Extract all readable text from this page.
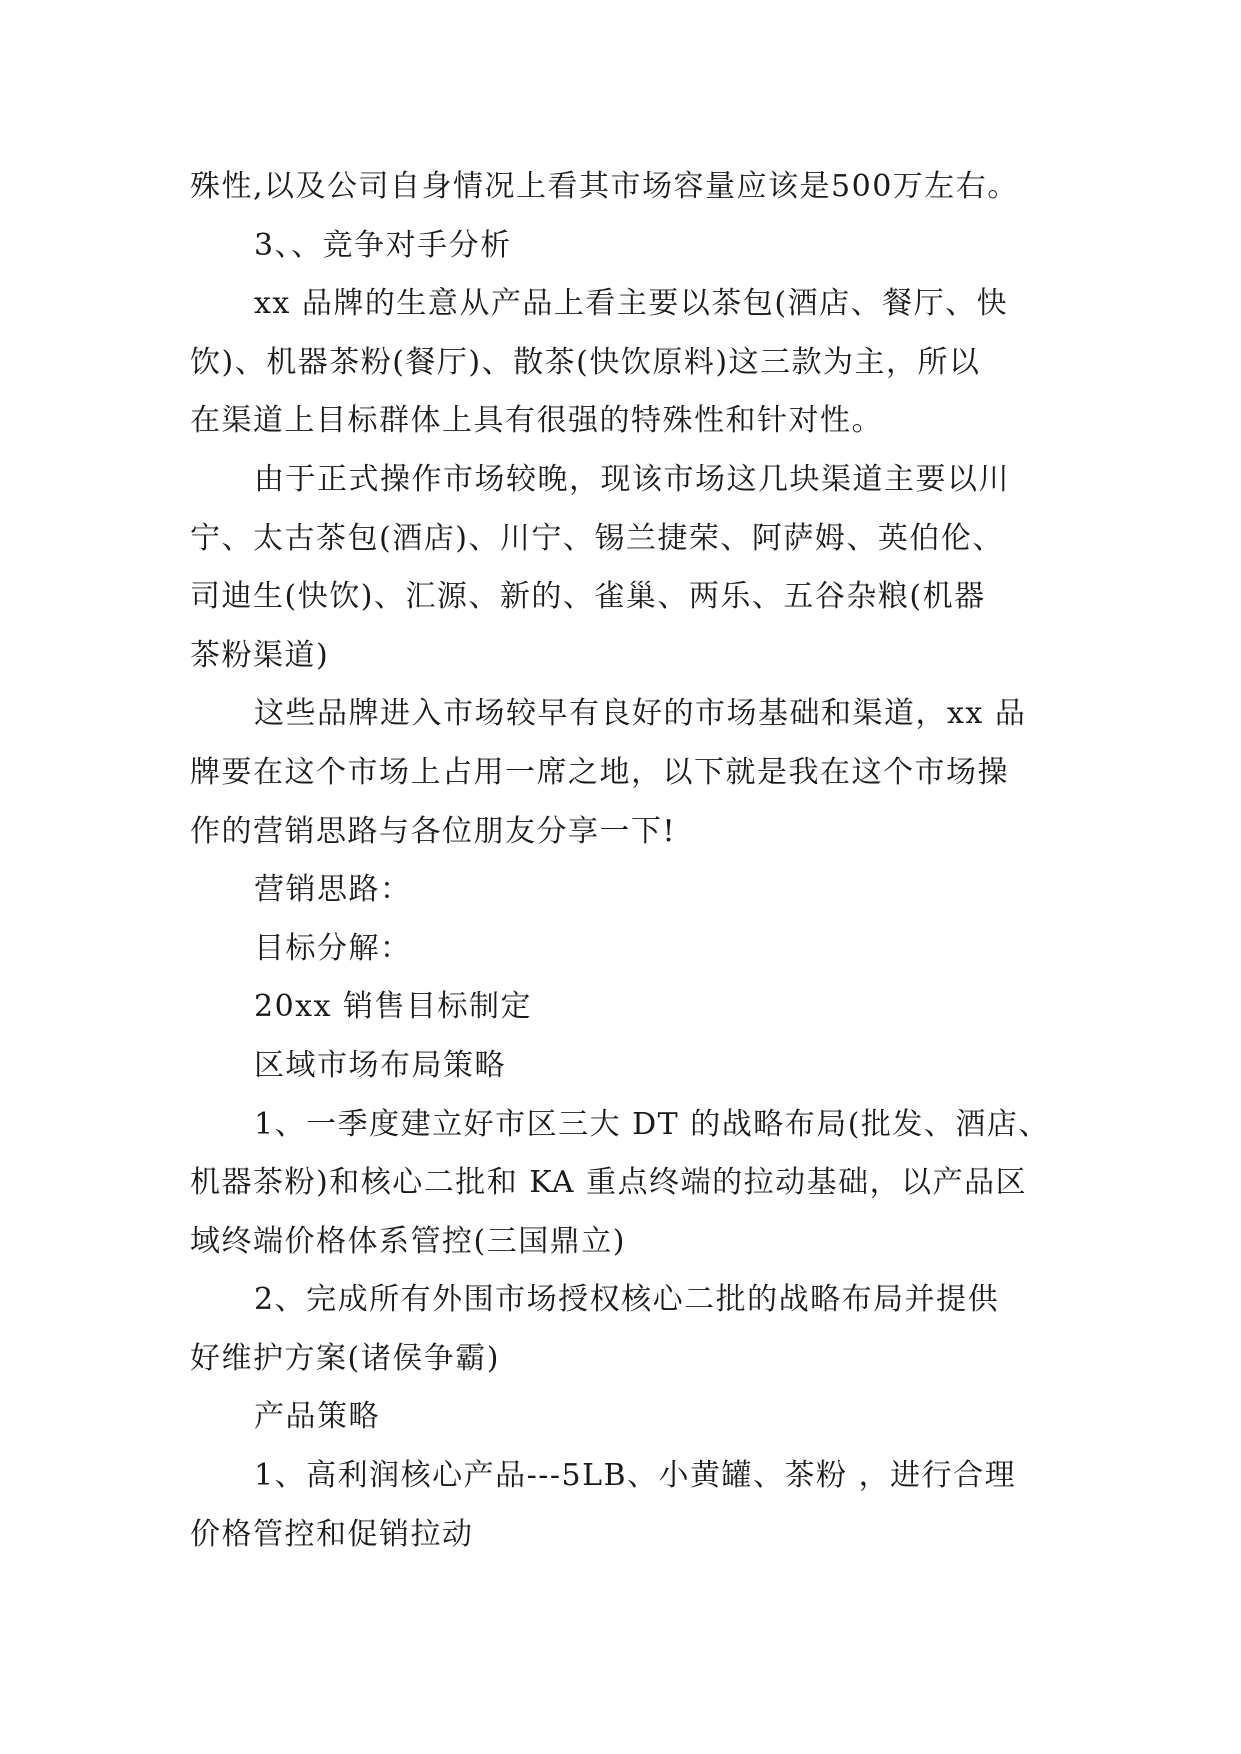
殊性,以及公司自身情况上看其市场容量应该是500万左右。
3、、竞争对手分析
xx 品牌的生意从产品上看主要以茶包(酒店、餐厅、快
饮)、机器茶粉(餐厅)、散茶(快饮原料)这三款为主，所以
在渠道上目标群体上具有很强的特殊性和针对性。
由于正式操作市场较晚，现该市场这几块渠道主要以川
宁、太古茶包(酒店)、川宁、锡兰捷荣、阿萨姆、英伯伦、
司迪生(快饮)、汇源、新的、雀巢、两乐、五谷杂粮(机器
茶粉渠道)
这些品牌进入市场较早有良好的市场基础和渠道，xx 品
牌要在这个市场上占用一席之地，以下就是我在这个市场操
作的营销思路与各位朋友分享一下!
营销思路：
目标分解：
20xx 销售目标制定
区域市场布局策略
1、一季度建立好市区三大 DT 的战略布局(批发、酒店、
机器茶粉)和核心二批和 KA 重点终端的拉动基础，以产品区
域终端价格体系管控(三国鼎立)
2、完成所有外围市场授权核心二批的战略布局并提供
好维护方案(诸侯争霸)
产品策略
1、高利润核心产品---5LB、小黄罐、茶粉 ，进行合理
价格管控和促销拉动
